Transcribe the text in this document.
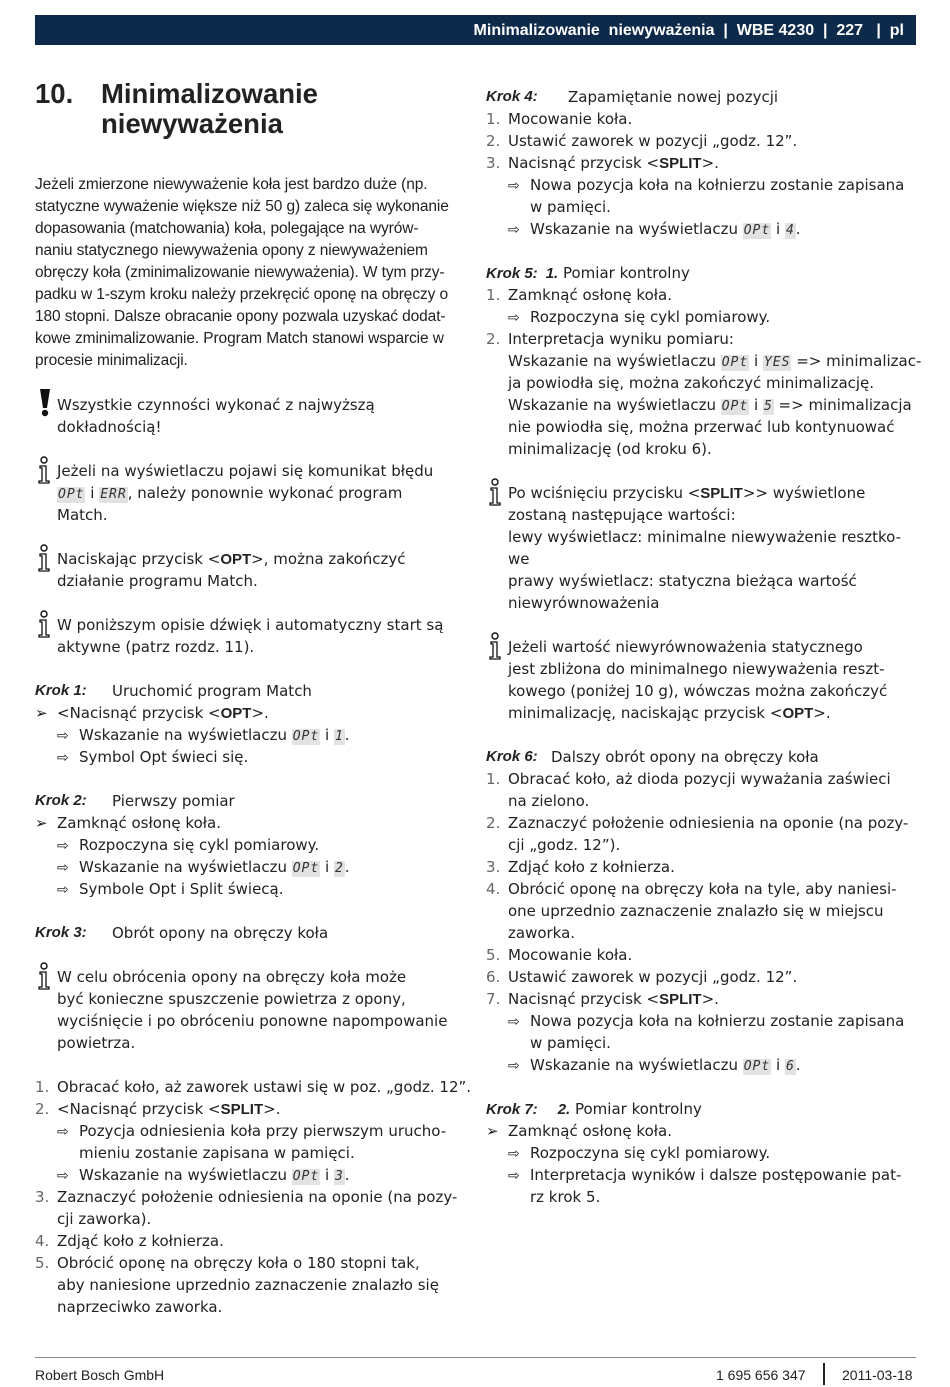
Minimalizowanie  niewyważenia  |  WBE 4230  |  227   |  pl
10. Minimalizowanie
niewyważenia
Jeżeli zmierzone niewyważenie koła jest bardzo duże (np.
statyczne wyważenie większe niż 50 g) zaleca się wykonanie
dopasowania (matchowania) koła, polegające na wyrów-
naniu statycznego niewyważenia opony z niewyważeniem
obręczy koła (zminimalizowanie niewyważenia). W tym przy-
padku w 1-szym kroku należy przekręcić oponę na obręczy o
180 stopni. Dalsze obracanie opony pozwala uzyskać dodat-
kowe zminimalizowanie. Program Match stanowi wsparcie w
procesie minimalizacji.
Wszystkie czynności wykonać z najwyższą
dokładnością!
Jeżeli na wyświetlaczu pojawi się komunikat błędu
OPt i ERR, należy ponownie wykonać program
Match.
Naciskając przycisk <OPT>, można zakończyć
działanie programu Match.
W poniższym opisie dźwięk i automatyczny start są
aktywne (patrz rozdz. 11).
Krok 1: Uruchomić program Match
➢ <Nacisnąć przycisk <OPT>.
⇨ Wskazanie na wyświetlaczu OPt i 1.
⇨ Symbol Opt świeci się.
Krok 2: Pierwszy pomiar
➢ Zamknąć osłonę koła.
⇨ Rozpoczyna się cykl pomiarowy.
⇨ Wskazanie na wyświetlaczu OPt i 2.
⇨ Symbole Opt i Split świecą.
Krok 3: Obrót opony na obręczy koła
W celu obrócenia opony na obręczy koła może
być konieczne spuszczenie powietrza z opony,
wyciśnięcie i po obróceniu ponowne napompowanie
powietrza.
1. Obracać koło, aż zaworek ustawi się w poz. „godz. 12”.
2. <Nacisnąć przycisk <SPLIT>.
⇨ Pozycja odniesienia koła przy pierwszym urucho-
mieniu zostanie zapisana w pamięci.
⇨ Wskazanie na wyświetlaczu OPt i 3.
3. Zaznaczyć położenie odniesienia na oponie (na pozy-
cji zaworka).
4. Zdjąć koło z kołnierza.
5. Obrócić oponę na obręczy koła o 180 stopni tak,
aby naniesione uprzednio zaznaczenie znalazło się
naprzeciwko zaworka.
Krok 4: Zapamiętanie nowej pozycji
1. Mocowanie koła.
2. Ustawić zaworek w pozycji „godz. 12”.
3. Nacisnąć przycisk <SPLIT>.
⇨ Nowa pozycja koła na kołnierzu zostanie zapisana
w pamięci.
⇨ Wskazanie na wyświetlaczu OPt i 4.
Krok 5: 1. Pomiar kontrolny
1. Zamknąć osłonę koła.
⇨ Rozpoczyna się cykl pomiarowy.
2. Interpretacja wyniku pomiaru:
Wskazanie na wyświetlaczu OPt i YES => minimalizac-
ja powiodła się, można zakończyć minimalizację.
Wskazanie na wyświetlaczu OPt i 5 => minimalizacja
nie powiodła się, można przerwać lub kontynuować
minimalizację (od kroku 6).
Po wciśnięciu przycisku <SPLIT>> wyświetlone
zostaną następujące wartości:
lewy wyświetlacz: minimalne niewyważenie resztko-
we
prawy wyświetlacz: statyczna bieżąca wartość
niewyrównoważenia
Jeżeli wartość niewyrównoważenia statycznego
jest zbliżona do minimalnego niewyważenia reszt-
kowego (poniżej 10 g), wówczas można zakończyć
minimalizację, naciskając przycisk <OPT>.
Krok 6: Dalszy obrót opony na obręczy koła
1. Obracać koło, aż dioda pozycji wyważania zaświeci
na zielono.
2. Zaznaczyć położenie odniesienia na oponie (na pozy-
cji „godz. 12”).
3. Zdjąć koło z kołnierza.
4. Obrócić oponę na obręczy koła na tyle, aby naniesi-
one uprzednio zaznaczenie znalazło się w miejscu
zaworka.
5. Mocowanie koła.
6. Ustawić zaworek w pozycji „godz. 12”.
7. Nacisnąć przycisk <SPLIT>.
⇨ Nowa pozycja koła na kołnierzu zostanie zapisana
w pamięci.
⇨ Wskazanie na wyświetlaczu OPt i 6.
Krok 7: 2. Pomiar kontrolny
➢ Zamknąć osłonę koła.
⇨ Rozpoczyna się cykl pomiarowy.
⇨ Interpretacja wyników i dalsze postępowanie pat-
rz krok 5.
Robert Bosch GmbH	1 695 656 347	2011-03-18
